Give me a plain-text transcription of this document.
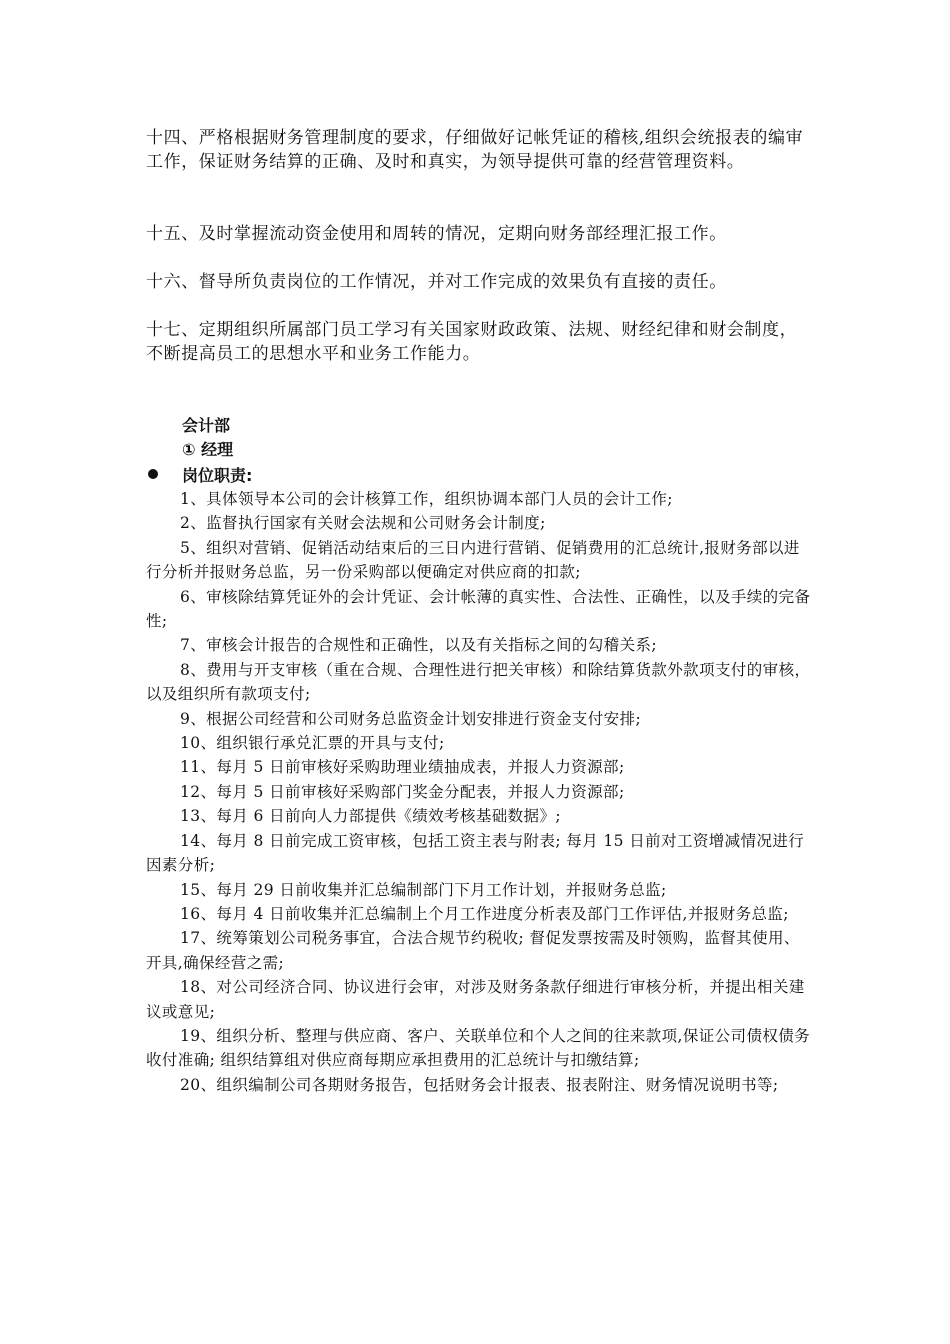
十四、严格根据财务管理制度的要求，仔细做好记帐凭证的稽核,组织会统报表的编审工作，保证财务结算的正确、及时和真实，为领导提供可靠的经营管理资料。

十五、及时掌握流动资金使用和周转的情况，定期向财务部经理汇报工作。

十六、督导所负责岗位的工作情况，并对工作完成的效果负有直接的责任。

十七、定期组织所属部门员工学习有关国家财政政策、法规、财经纪律和财会制度，不断提高员工的思想水平和业务工作能力。

会计部

① 经理

岗位职责:
1、具体领导本公司的会计核算工作，组织协调本部门人员的会计工作;
2、监督执行国家有关财会法规和公司财务会计制度;
5、组织对营销、促销活动结束后的三日内进行营销、促销费用的汇总统计,报财务部以进行分析并报财务总监，另一份采购部以便确定对供应商的扣款;
6、审核除结算凭证外的会计凭证、会计帐薄的真实性、合法性、正确性，以及手续的完备性;
7、审核会计报告的合规性和正确性，以及有关指标之间的勾稽关系;
8、费用与开支审核（重在合规、合理性进行把关审核）和除结算货款外款项支付的审核，以及组织所有款项支付;
9、根据公司经营和公司财务总监资金计划安排进行资金支付安排;
10、组织银行承兑汇票的开具与支付;
11、每月 5 日前审核好采购助理业绩抽成表，并报人力资源部;
12、每月 5 日前审核好采购部门奖金分配表，并报人力资源部;
13、每月 6 日前向人力部提供《绩效考核基础数据》;
14、每月 8 日前完成工资审核，包括工资主表与附表; 每月 15 日前对工资增减情况进行因素分析;
15、每月 29 日前收集并汇总编制部门下月工作计划，并报财务总监;
16、每月 4 日前收集并汇总编制上个月工作进度分析表及部门工作评估,并报财务总监;
17、统筹策划公司税务事宜，合法合规节约税收; 督促发票按需及时领购，监督其使用、开具,确保经营之需;
18、对公司经济合同、协议进行会审，对涉及财务条款仔细进行审核分析，并提出相关建议或意见;
19、组织分析、整理与供应商、客户、关联单位和个人之间的往来款项,保证公司债权债务收付准确; 组织结算组对供应商每期应承担费用的汇总统计与扣缴结算;
20、组织编制公司各期财务报告，包括财务会计报表、报表附注、财务情况说明书等;
